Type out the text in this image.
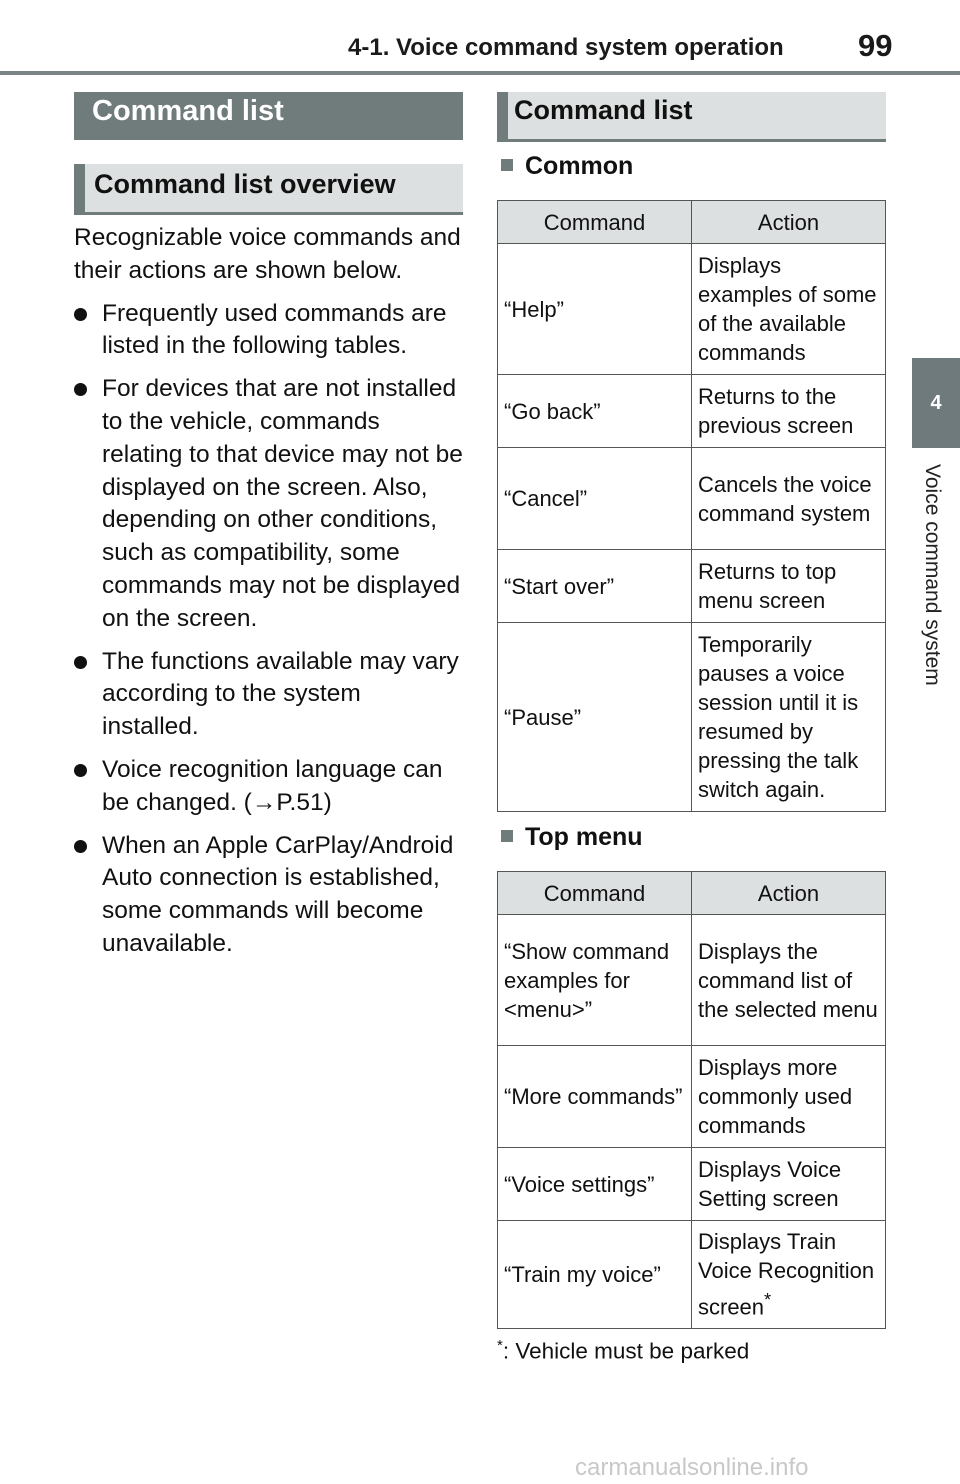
4-1. Voice command system operation 99
4
Voice command system
Command list
Command list overview

Recognizable voice commands and their actions are shown below.

Frequently used commands are listed in the following tables.
For devices that are not installed to the vehicle, commands relating to that device may not be displayed on the screen. Also, depending on other conditions, such as compatibility, some commands may not be displayed on the screen.
The functions available may vary according to the system installed.
Voice recognition language can be changed. (→P.51)
When an Apple CarPlay/Android Auto connection is established, some commands will become unavailable.
Command list
Common
Command	Action
“Help”	Displays examples of some of the available commands
“Go back”	Returns to the previous screen
“Cancel”	Cancels the voice command system
“Start over”	Returns to top menu screen
“Pause”	Temporarily pauses a voice session until it is resumed by pressing the talk switch again.
Top menu
Command	Action
“Show command examples for <menu>”	Displays the command list of the selected menu
“More commands”	Displays more commonly used commands
“Voice settings”	Displays Voice Setting screen
“Train my voice”	Displays Train Voice Recognition screen*
*: Vehicle must be parked
carmanualsonline.info
